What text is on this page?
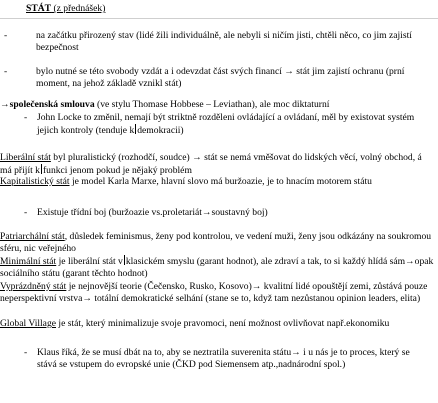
STÁT (z přednášek)
-	na začátku přirozený stav (lidé žili individuálně, ale nebyli si ničím jisti, chtěli něco, co jim zajistí bezpečnost
-	bylo nutné se této svobody vzdát a i odevzdat část svých financí → stát jim zajistí ochranu (prní moment, na jehož základě vznikl stát)
→společenská smlouva (ve stylu Thomase Hobbese – Leviathan), ale moc diktaturní
- John Locke to změnil, nemají být striktně rozděleni ovládající a ovládaní, měl by existovat systém jejich kontroly (tenduje k demokracii)
Liberální stát byl pluralistický (rozhodčí, soudce) → stát se nemá vměšovat do lidských věcí, volný obchod, á má přijít k funkci jenom pokud je nějaký problém
Kapitalistický stát je model Karla Marxe, hlavní slovo má buržoazie, je to hnacím motorem státu
- Existuje třídní boj (buržoazie vs.proletariát→soustavný boj)
Patriarchální stát, důsledek feminismus, ženy pod kontrolou, ve vedení muži, ženy jsou odkázány na soukromou sféru, nic veřejného
Minimální stát je liberální stát v klasickém smyslu (garant hodnot), ale zdraví a tak, to si každý hlídá sám→opak sociálního státu (garant těchto hodnot)
Vyprázdněný stát je nejnovější teorie (Čečensko, Rusko, Kosovo)→ kvalitní lidé opouštějí zemi, zůstává pouze neperspektivní vrstva→ totální demokratické selhání (stane se to, když tam nezůstanou opinion leaders, elita)
Global Village je stát, který minimalizuje svoje pravomoci, není možnost ovlivňovat např.ekonomiku
- Klaus říká, že se musí dbát na to, aby se neztratila suverenita státu→ i u nás je to proces, který se stává se vstupem do evropské unie (ČKD pod Siemensem atp.,nadnárodní spol.)
